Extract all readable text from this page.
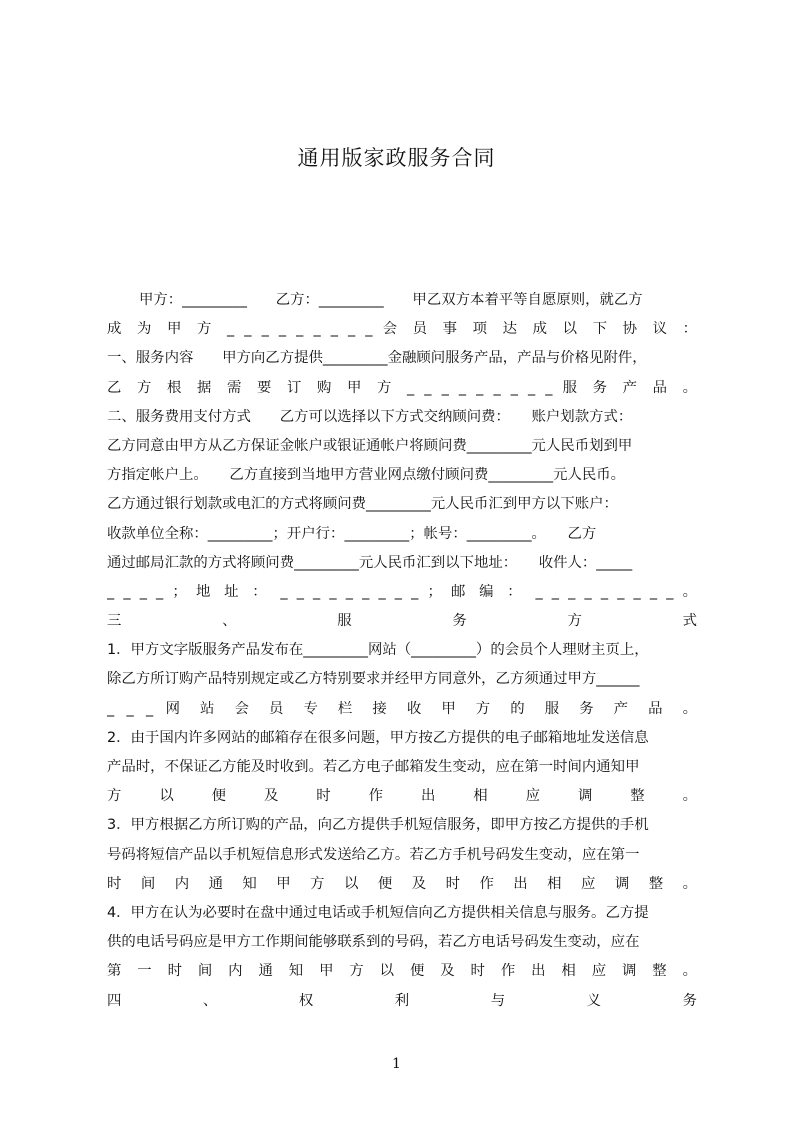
通用版家政服务合同
甲方：_________　　乙方：_________　　甲乙双方本着平等自愿原则，就乙方
成 为 甲 方 _ _ _ _ _ _ _ _ _ 会 员 事 项 达 成 以 下 协 议 ：
一、服务内容　　甲方向乙方提供_________金融顾问服务产品，产品与价格见附件，
乙 方 根 据 需 要 订 购 甲 方 _ _ _ _ _ _ _ _ _ 服 务 产 品 。
二、服务费用支付方式　　乙方可以选择以下方式交纳顾问费：　　账户划款方式：
乙方同意由甲方从乙方保证金帐户或银证通帐户将顾问费_________元人民币划到甲
方指定帐户上。　　乙方直接到当地甲方营业网点缴付顾问费_________元人民币。
乙方通过银行划款或电汇的方式将顾问费_________元人民币汇到甲方以下账户：
收款单位全称：_________；开户行：_________；帐号：_________。　　乙方
通过邮局汇款的方式将顾问费_________元人民币汇到以下地址：　　收件人：_____
_ _ _ _ ； 地 址 ： _ _ _ _ _ _ _ _ _ ； 邮 编 ： _ _ _ _ _ _ _ _ _ 。
三 、 服 务 方 式
1．甲方文字版服务产品发布在_________网站（_________）的会员个人理财主页上，
除乙方所订购产品特别规定或乙方特别要求并经甲方同意外，乙方须通过甲方______
_ _ _ 网 站 会 员 专 栏 接 收 甲 方 的 服 务 产 品 。
2．由于国内许多网站的邮箱存在很多问题，甲方按乙方提供的电子邮箱地址发送信息
产品时，不保证乙方能及时收到。若乙方电子邮箱发生变动，应在第一时间内通知甲
方 以 便 及 时 作 出 相 应 调 整 。
3．甲方根据乙方所订购的产品，向乙方提供手机短信服务，即甲方按乙方提供的手机
号码将短信产品以手机短信息形式发送给乙方。若乙方手机号码发生变动，应在第一
时 间 内 通 知 甲 方 以 便 及 时 作 出 相 应 调 整 。
4．甲方在认为必要时在盘中通过电话或手机短信向乙方提供相关信息与服务。乙方提
供的电话号码应是甲方工作期间能够联系到的号码，若乙方电话号码发生变动，应在
第 一 时 间 内 通 知 甲 方 以 便 及 时 作 出 相 应 调 整 。
四 、 权 利 与 义 务
1
